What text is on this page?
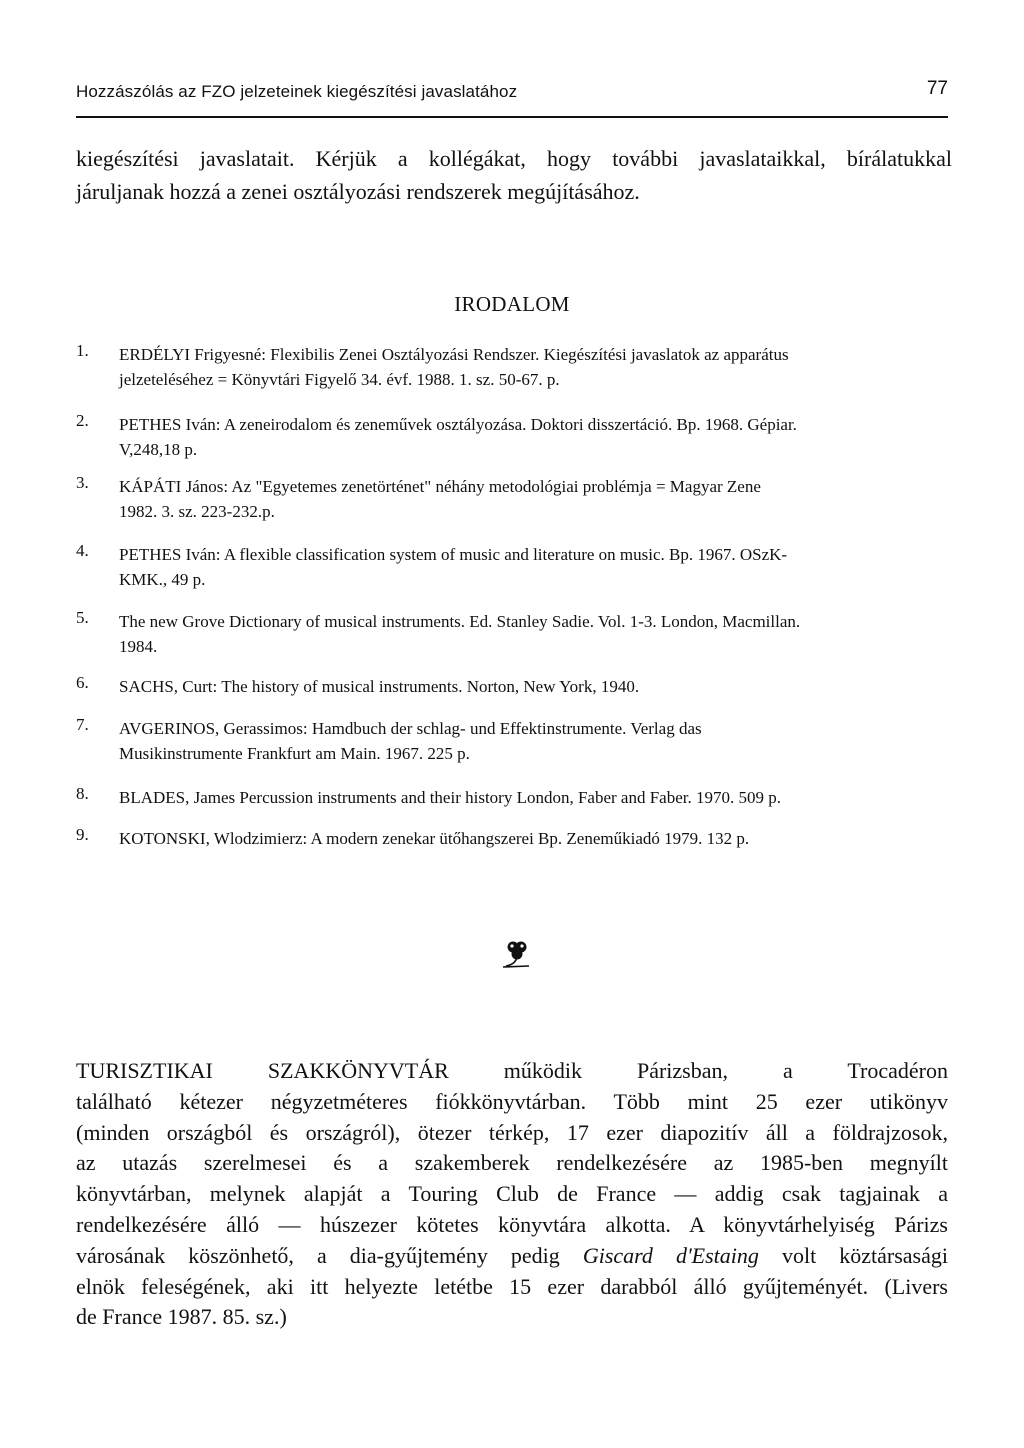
Hozzászólás az FZO jelzeteinek kiegészítési javaslatához	77
kiegészítési javaslatait. Kérjük a kollégákat, hogy további javaslataikkal, bírálatukkal
járuljanak hozzá a zenei osztályozási rendszerek megújításához.
IRODALOM
1. ERDÉLYI Frigyesné: Flexibilis Zenei Osztályozási Rendszer. Kiegészítési javaslatok az apparátus
jelzeteléséhez = Könyvtári Figyelő 34. évf. 1988. 1. sz. 50-67. p.
2. PETHES Iván: A zeneirodalom és zeneművek osztályozása. Doktori disszertáció. Bp. 1968. Gépiar.
V,248,18 p.
3. KÁPÁTI János: Az "Egyetemes zenetörténet" néhány metodológiai problémja = Magyar Zene
1982. 3. sz. 223-232.p.
4. PETHES Iván: A flexible classification system of music and literature on music. Bp. 1967. OSzK-
KMK., 49 p.
5. The new Grove Dictionary of musical instruments. Ed. Stanley Sadie. Vol. 1-3. London, Macmillan.
1984.
6. SACHS, Curt: The history of musical instruments. Norton, New York, 1940.
7. AVGERINOS, Gerassimos: Hamdbuch der schlag- und Effektinstrumente. Verlag das
Musikinstrumente Frankfurt am Main. 1967. 225 p.
8. BLADES, James Percussion instruments and their history London, Faber and Faber. 1970. 509 p.
9. KOTONSKI, Wlodzimierz: A modern zenekar ütőhangszerei Bp. Zeneműkiadó 1979. 132 p.
TURISZTIKAI SZAKKÖNYVTÁR működik Párizsban, a Trocadéron
található kétezer négyzetméteres fiókkönyvtárban. Több mint 25 ezer utikönyv
(minden országból és országról), ötezer térkép, 17 ezer diapozitív áll a földrajzosok,
az utazás szerelmesei és a szakemberek rendelkezésére az 1985-ben megnyílt
könyvtárban, melynek alapját a Touring Club de France — addig csak tagjainak a
rendelkezésére álló — húszezer kötetes könyvtára alkotta. A könyvtárhelyiség Párizs
városának köszönhető, a dia-gyűjtemény pedig Giscard d'Estaing volt köztársasági
elnök feleségének, aki itt helyezte letétbe 15 ezer darabból álló gyűjteményét. (Livers
de France 1987. 85. sz.)
